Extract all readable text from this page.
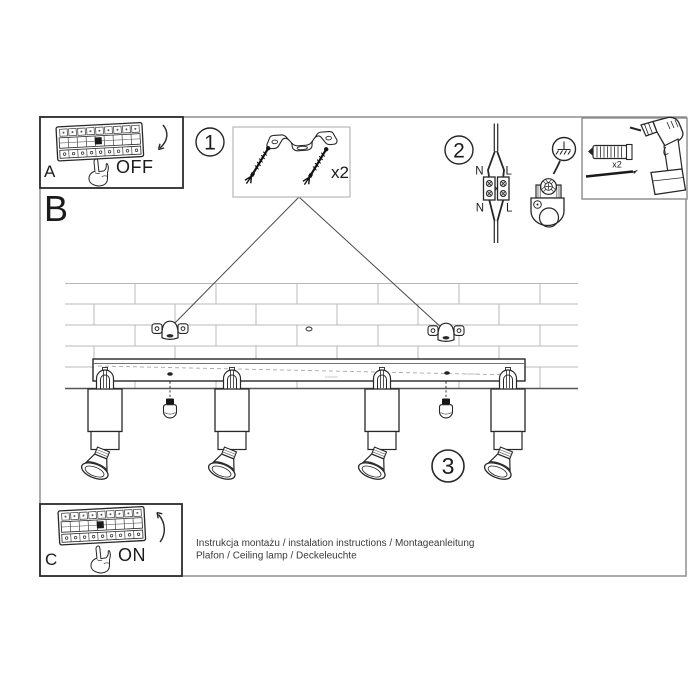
3
A	OFF
B
x2
1	2
N L
N L
x2
C	ON
Instrukcja montażu / instalation instructions / Montageanleitung
Plafon / Ceiling lamp / Deckeleuchte
